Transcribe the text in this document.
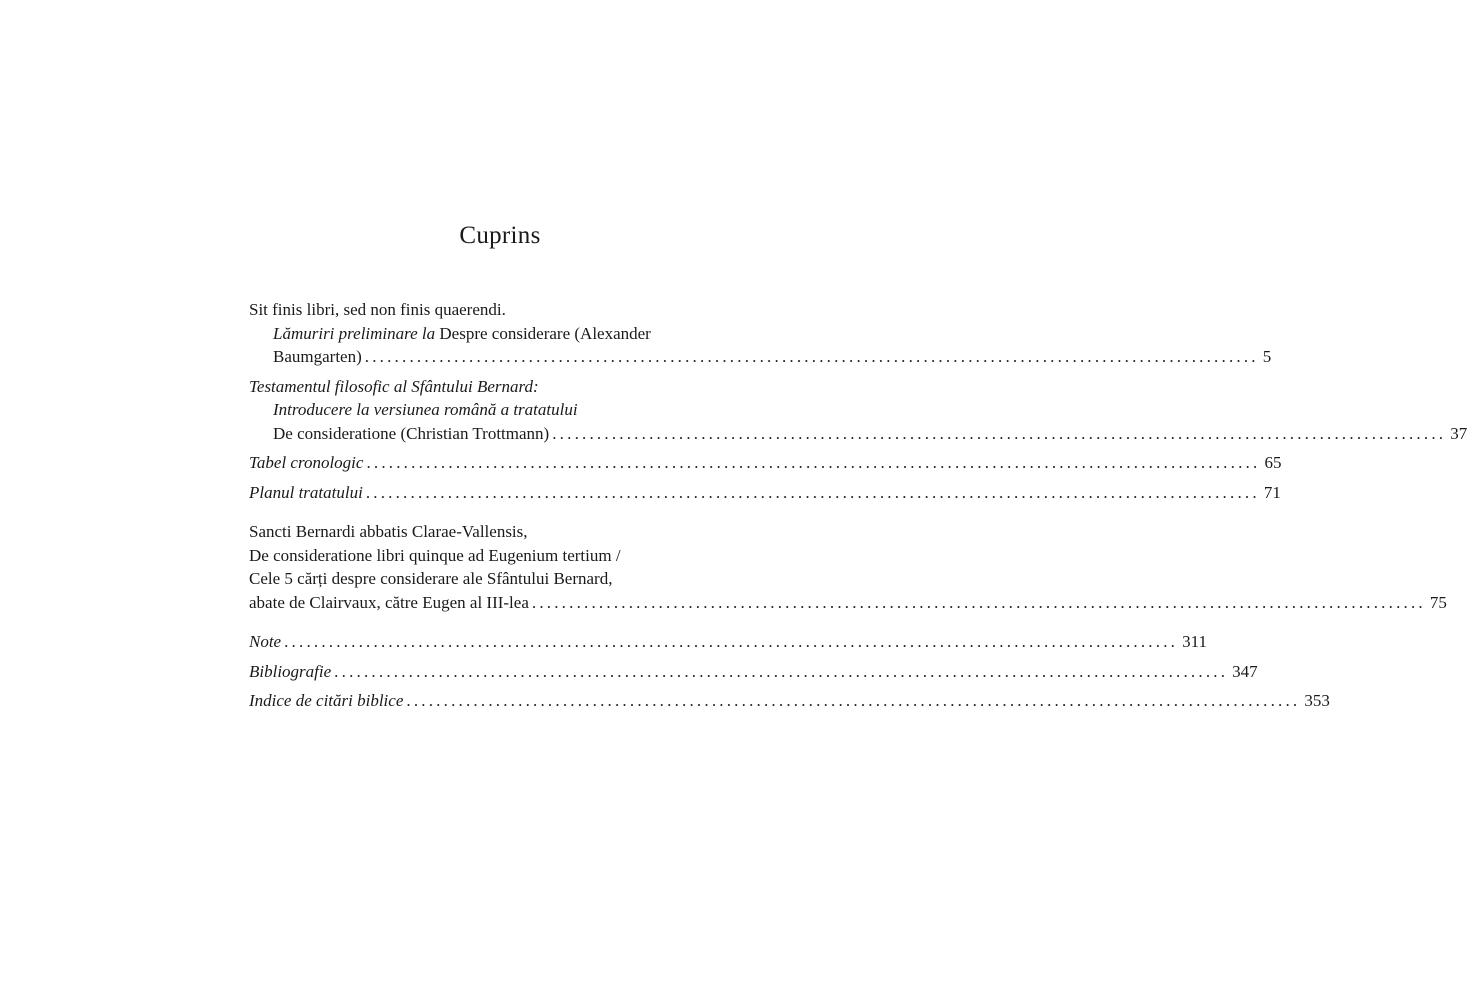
Cuprins
Sit finis libri, sed non finis quaerendi.
Lămuriri preliminare la Despre considerare (Alexander
Baumgarten) ........................................................................................................................ 5
Testamentul filosofic al Sfântului Bernard:
Introducere la versiunea română a tratatului
De consideratione (Christian Trottmann) ........................................................................................................................ 37
Tabel cronologic ........................................................................................................................ 65
Planul tratatului ........................................................................................................................ 71
Sancti Bernardi abbatis Clarae-Vallensis,
De consideratione libri quinque ad Eugenium tertium /
Cele 5 cărți despre considerare ale Sfântului Bernard,
abate de Clairvaux, către Eugen al III-lea ........................................................................................................................ 75
Note ........................................................................................................................ 311
Bibliografie ........................................................................................................................ 347
Indice de citări biblice ........................................................................................................................ 353
